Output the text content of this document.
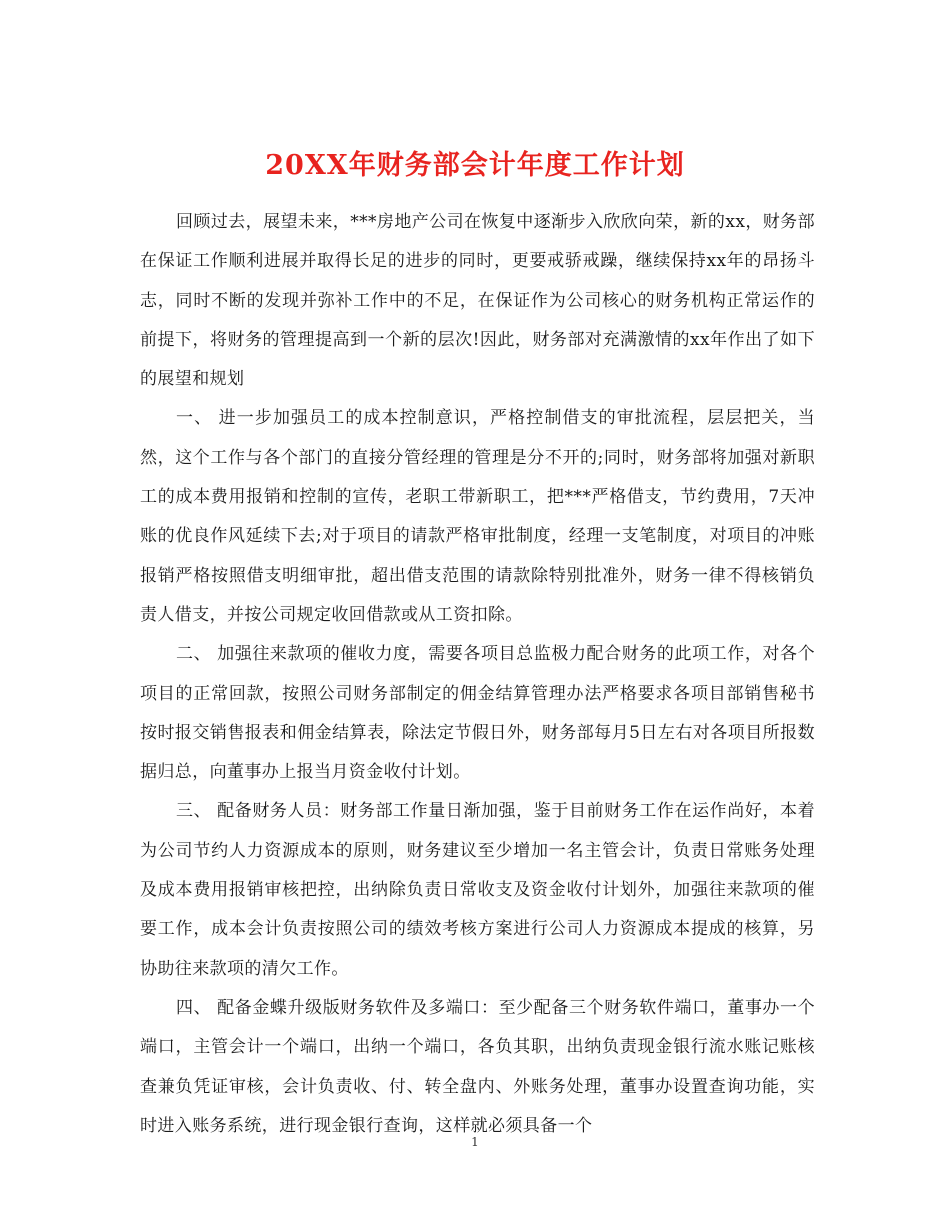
20XX年财务部会计年度工作计划

回顾过去，展望未来，***房地产公司在恢复中逐渐步入欣欣向荣，新的xx，财务部在保证工作顺利进展并取得长足的进步的同时，更要戒骄戒躁，继续保持xx年的昂扬斗志，同时不断的发现并弥补工作中的不足，在保证作为公司核心的财务机构正常运作的前提下，将财务的管理提高到一个新的层次!因此，财务部对充满激情的xx年作出了如下的展望和规划

一、 进一步加强员工的成本控制意识，严格控制借支的审批流程，层层把关，当然，这个工作与各个部门的直接分管经理的管理是分不开的;同时，财务部将加强对新职工的成本费用报销和控制的宣传，老职工带新职工，把***严格借支，节约费用，7天冲账的优良作风延续下去;对于项目的请款严格审批制度，经理一支笔制度，对项目的冲账报销严格按照借支明细审批，超出借支范围的请款除特别批准外，财务一律不得核销负责人借支，并按公司规定收回借款或从工资扣除。

二、 加强往来款项的催收力度，需要各项目总监极力配合财务的此项工作，对各个项目的正常回款，按照公司财务部制定的佣金结算管理办法严格要求各项目部销售秘书按时报交销售报表和佣金结算表，除法定节假日外，财务部每月5日左右对各项目所报数据归总，向董事办上报当月资金收付计划。

三、 配备财务人员：财务部工作量日渐加强，鉴于目前财务工作在运作尚好，本着为公司节约人力资源成本的原则，财务建议至少增加一名主管会计，负责日常账务处理及成本费用报销审核把控，出纳除负责日常收支及资金收付计划外，加强往来款项的催要工作，成本会计负责按照公司的绩效考核方案进行公司人力资源成本提成的核算，另协助往来款项的清欠工作。

四、 配备金蝶升级版财务软件及多端口：至少配备三个财务软件端口，董事办一个端口，主管会计一个端口，出纳一个端口，各负其职，出纳负责现金银行流水账记账核查兼负凭证审核，会计负责收、付、转全盘内、外账务处理，董事办设置查询功能，实时进入账务系统，进行现金银行查询，这样就必须具备一个

1
